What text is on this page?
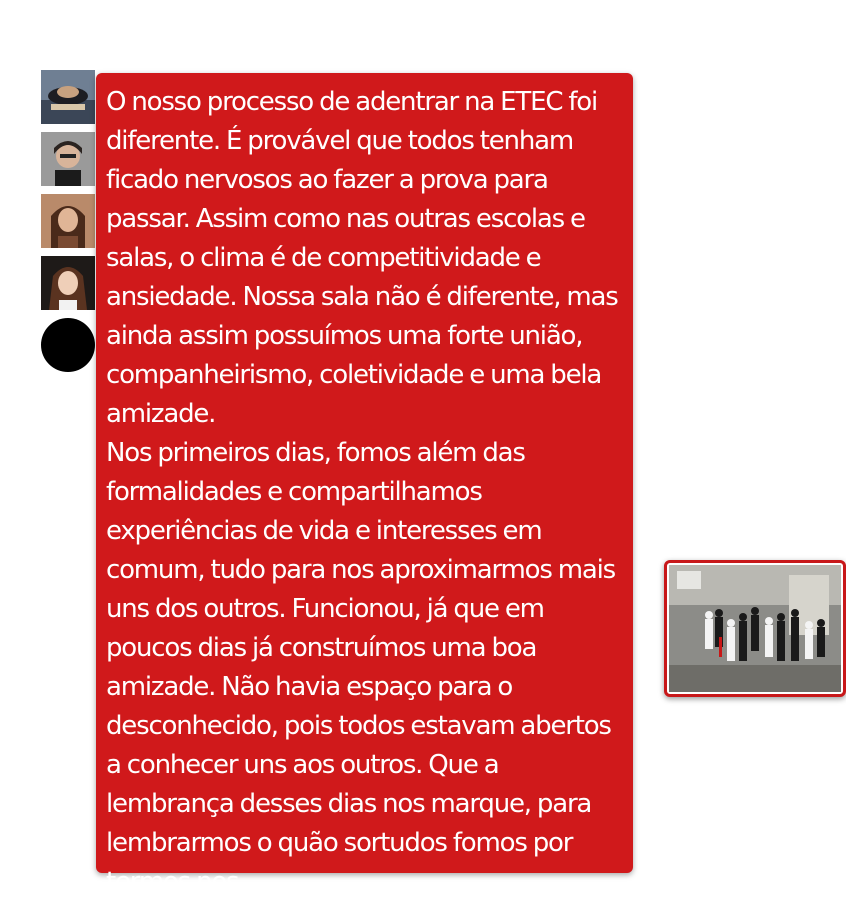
O nosso processo de adentrar na ETEC foi diferente. É provável que todos tenham ficado nervosos ao fazer a prova para passar. Assim como nas outras escolas e salas, o clima é de competitividade e ansiedade. Nossa sala não é diferente, mas ainda assim possuímos uma forte união, companheirismo, coletividade e uma bela amizade.

Nos primeiros dias, fomos além das formalidades e compartilhamos experiências de vida e interesses em comum, tudo para nos aproximarmos mais uns dos outros. Funcionou, já que em poucos dias já construímos uma boa amizade. Não havia espaço para o desconhecido, pois todos estavam abertos a conhecer uns aos outros. Que a lembrança desses dias nos marque, para lembrarmos o quão sortudos fomos por termos nos
